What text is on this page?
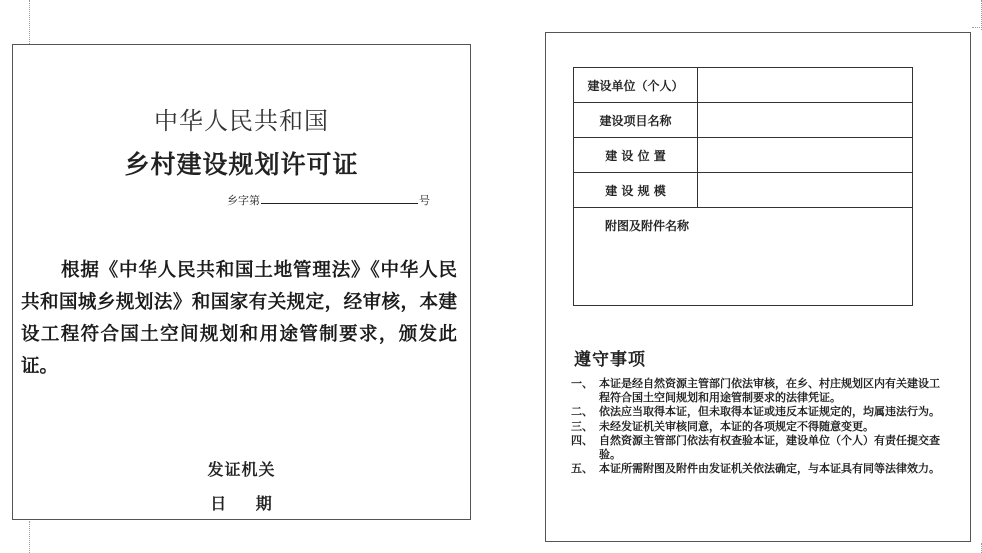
中华人民共和国
乡村建设规划许可证
乡字第	号
根据《中华人民共和国土地管理法》《中华人民共和国城乡规划法》和国家有关规定，经审核，本建设工程符合国土空间规划和用途管制要求，颁发此证。
发证机关
日 期
建设单位（个人）	
建设项目名称	
建 设 位 置	
建 设 规 模	
附图及附件名称	
遵守事项
一、 本证是经自然资源主管部门依法审核，在乡、村庄规划区内有关建设工程符合国土空间规划和用途管制要求的法律凭证。
二、 依法应当取得本证，但未取得本证或违反本证规定的，均属违法行为。
三、 未经发证机关审核同意，本证的各项规定不得随意变更。
四、 自然资源主管部门依法有权查验本证，建设单位（个人）有责任提交查验。
五、 本证所需附图及附件由发证机关依法确定，与本证具有同等法律效力。
